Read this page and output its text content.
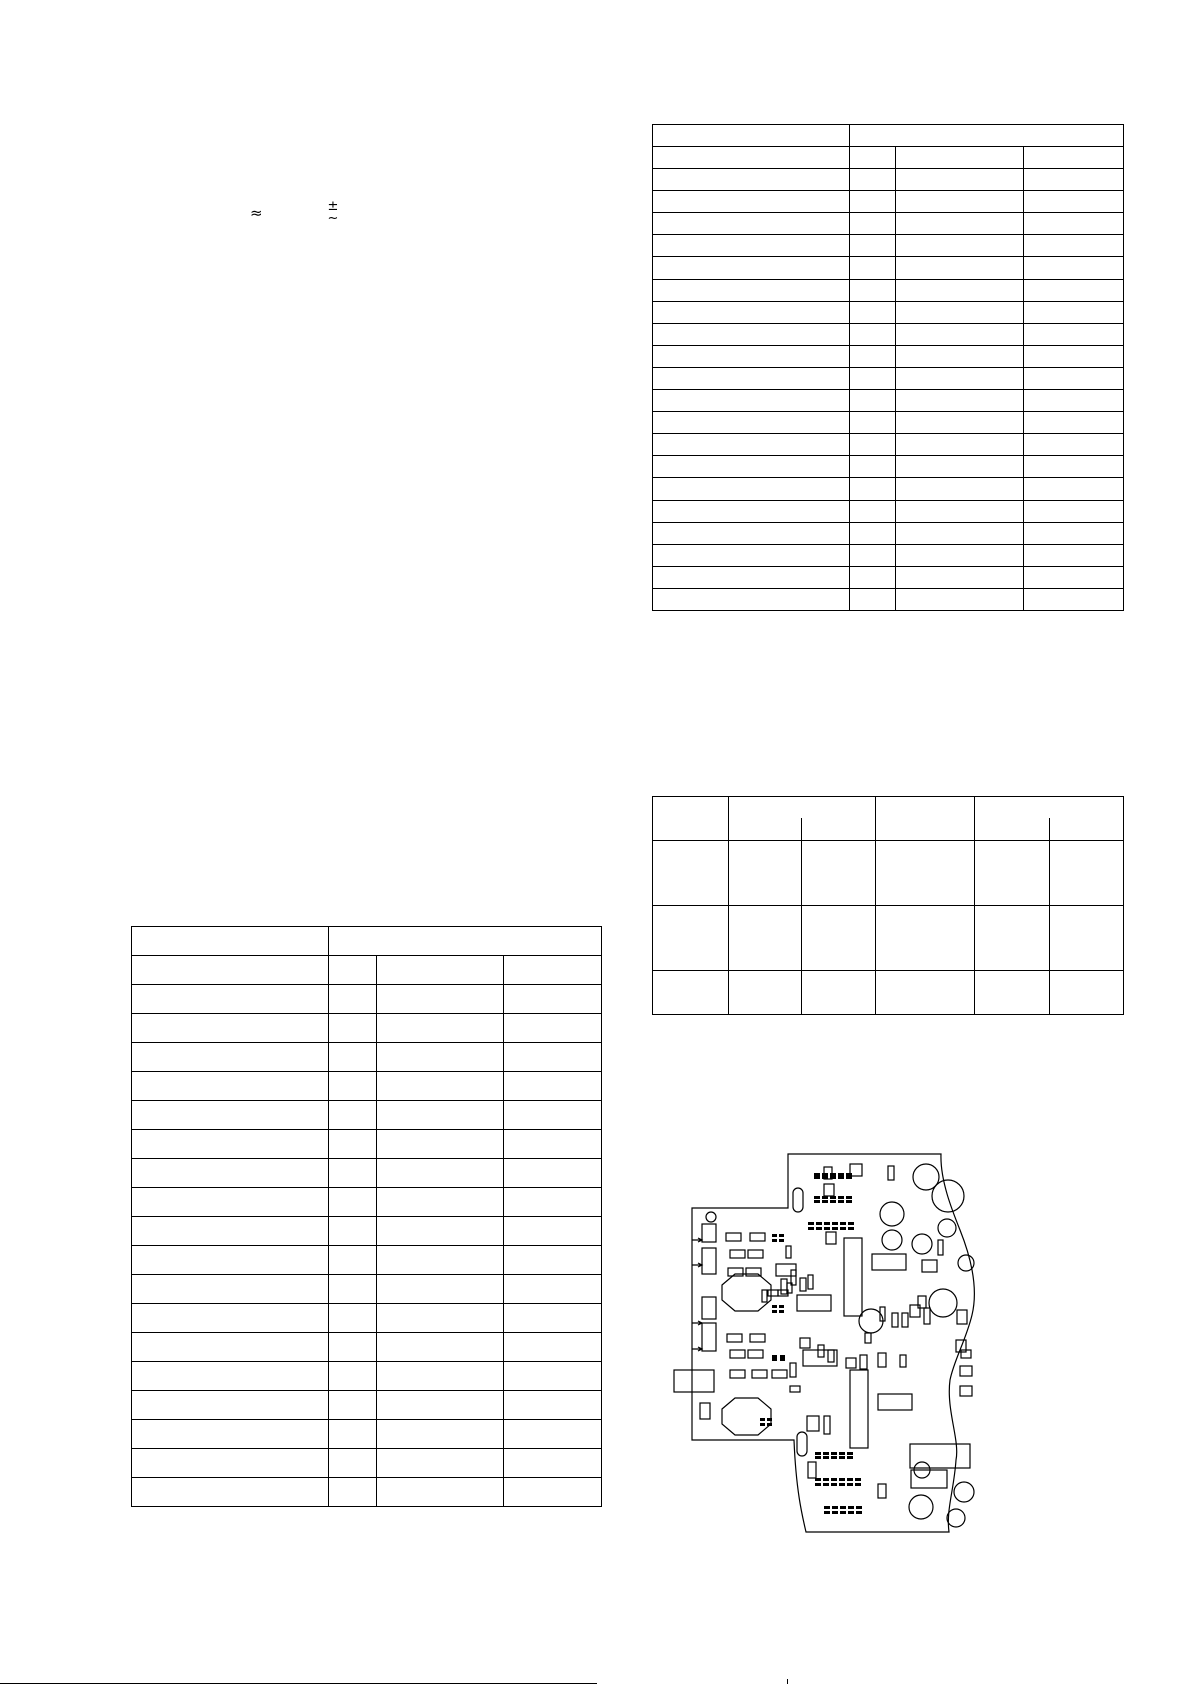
≈	±
~
